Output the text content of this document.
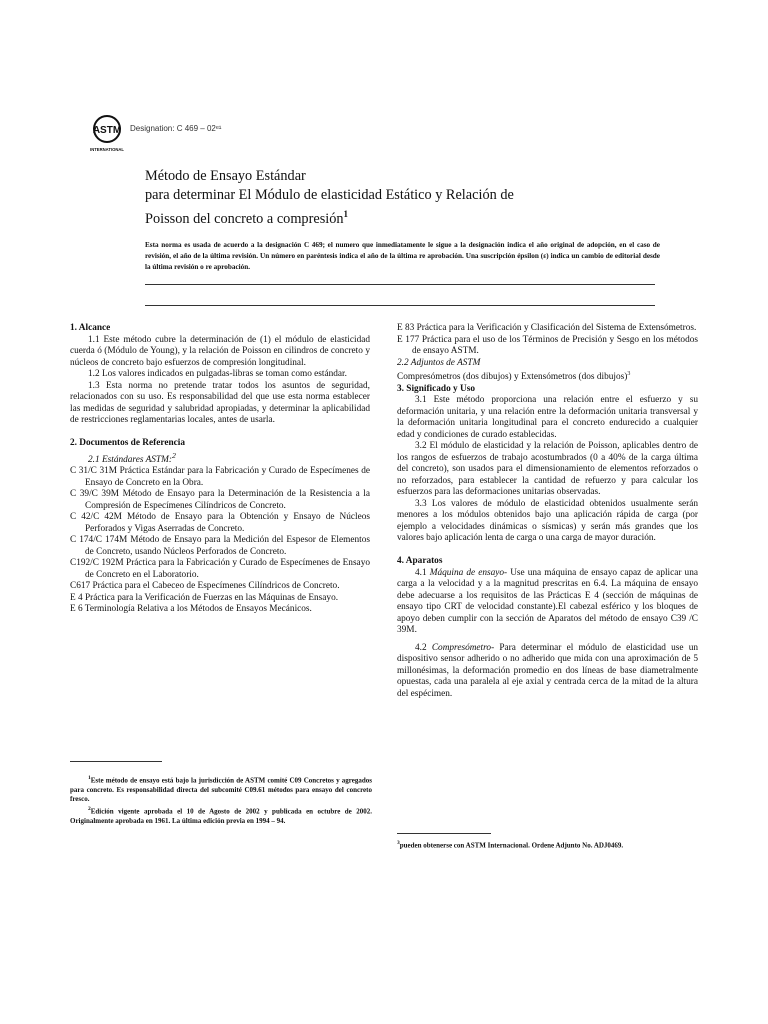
ASTM
INTERNATIONAL
Designation: C 469 – 02ᵉ¹
Método de Ensayo Estándar
para determinar El Módulo de elasticidad Estático y Relación de
Poisson del concreto a compresión$^1$
Esta norma es usada de acuerdo a la designación C 469; el numero que inmediatamente le sigue a la designación indica el año original de adopción, en el caso de revisión, el año de la última revisión. Un número en paréntesis indica el año de la última re aprobación. Una suscripción épsilon (ε) indica un cambio de editorial desde la última revisión o re aprobación.

1. Alcance

1.1 Este método cubre la determinación de (1) el módulo de elasticidad cuerda ó (Módulo de Young), y la relación de Poisson en cilindros de concreto y núcleos de concreto bajo esfuerzos de compresión longitudinal.

1.2 Los valores indicados en pulgadas-libras se toman como estándar.

1.3 Esta norma no pretende tratar todos los asuntos de seguridad, relacionados con su uso. Es responsabilidad del que use esta norma establecer las medidas de seguridad y salubridad apropiadas, y determinar la aplicabilidad de restricciones reglamentarias locales, antes de usarla.

2. Documentos de Referencia

2.1 Estándares ASTM:$^2$

C 31/C 31M Práctica Estándar para la Fabricación y Curado de Especímenes de Ensayo de Concreto en la Obra.

C 39/C 39M Método de Ensayo para la Determinación de la Resistencia a la Compresión de Especímenes Cilíndricos de Concreto.

C 42/C 42M Método de Ensayo para la Obtención y Ensayo de Núcleos Perforados y Vigas Aserradas de Concreto.

C 174/C 174M Método de Ensayo para la Medición del Espesor de Elementos de Concreto, usando Núcleos Perforados de Concreto.

C192/C 192M Práctica para la Fabricación y Curado de Especímenes de Ensayo de Concreto en el Laboratorio.

C617 Práctica para el Cabeceo de Especímenes Cilíndricos de Concreto.

E 4 Práctica para la Verificación de Fuerzas en las Máquinas de Ensayo.

E 6 Terminología Relativa a los Métodos de Ensayos Mecánicos.

E 83 Práctica para la Verificación y Clasificación del Sistema de Extensómetros.

E 177 Práctica para el uso de los Términos de Precisión y Sesgo en los métodos de ensayo ASTM.

2.2 Adjuntos de ASTM

Compresómetros (dos dibujos) y Extensómetros (dos dibujos)$^3$

3. Significado y Uso

3.1 Este método proporciona una relación entre el esfuerzo y su deformación unitaria, y una relación entre la deformación unitaria transversal y la deformación unitaria longitudinal para el concreto endurecido a cualquier edad y condiciones de curado establecidas.

3.2 El módulo de elasticidad y la relación de Poisson, aplicables dentro de los rangos de esfuerzos de trabajo acostumbrados (0 a 40% de la carga última del concreto), son usados para el dimensionamiento de elementos reforzados o no reforzados, para establecer la cantidad de refuerzo y para calcular los esfuerzos para las deformaciones unitarias observadas.

3.3 Los valores de módulo de elasticidad obtenidos usualmente serán menores a los módulos obtenidos bajo una aplicación rápida de carga (por ejemplo a velocidades dinámicas o sísmicas) y serán más grandes que los valores bajo aplicación lenta de carga o una carga de mayor duración.

4. Aparatos

4.1 Máquina de ensayo- Use una máquina de ensayo capaz de aplicar una carga a la velocidad y a la magnitud prescritas en 6.4. La máquina de ensayo debe adecuarse a los requisitos de las Prácticas E 4 (sección de máquinas de ensayo tipo CRT de velocidad constante).El cabezal esférico y los bloques de apoyo deben cumplir con la sección de Aparatos del método de ensayo C39 /C 39M.

4.2 Compresómetro- Para determinar el módulo de elasticidad use un dispositivo sensor adherido o no adherido que mida con una aproximación de 5 millonésimas, la deformación promedio en dos líneas de base diametralmente opuestas, cada una paralela al eje axial y centrada cerca de la mitad de la altura del espécimen.

$^1$Este método de ensayo está bajo la jurisdicción de ASTM comité C09 Concretos y agregados para concreto. Es responsabilidad directa del subcomité C09.61 métodos para ensayo del concreto fresco.

$^2$Edición vigente aprobada el 10 de Agosto de 2002 y publicada en octubre de 2002. Originalmente aprobada en 1961. La última edición previa en 1994 – 94.

$^3$pueden obtenerse con ASTM Internacional. Ordene Adjunto No. ADJ0469.
